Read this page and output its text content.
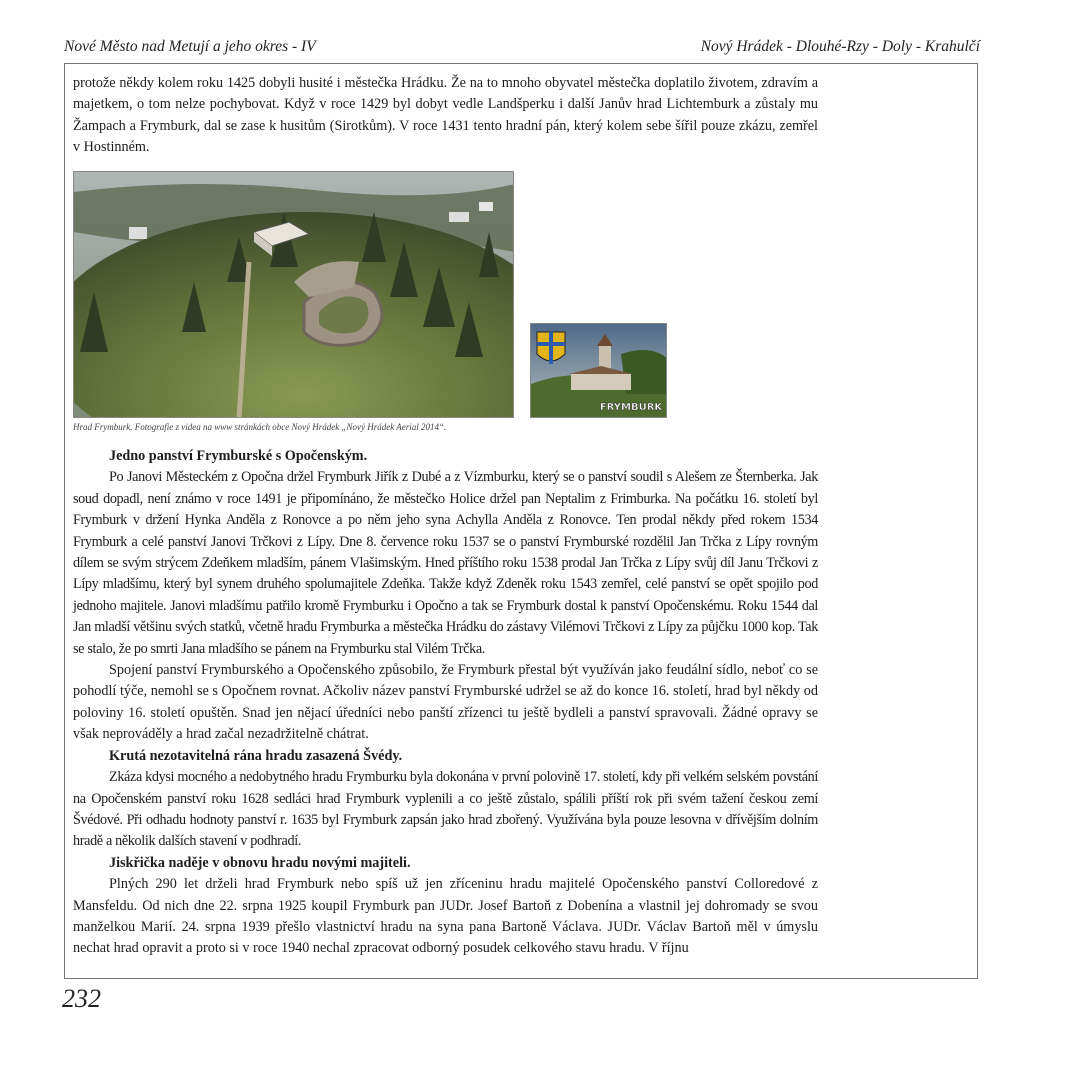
Nové Město nad Metují a jeho okres - IV	Nový Hrádek - Dlouhé-Rzy - Doly - Krahulčí

protože někdy kolem roku 1425 dobyli husité i městečka Hrádku. Že na to mnoho obyvatel městečka doplatilo životem, zdravím a majetkem, o tom nelze pochybovat. Když v roce 1429 byl dobyt vedle Landšperku i další Janův hrad Lichtemburk a zůstaly mu Žampach a Frymburk, dal se zase k husitům (Sirotkům). V roce 1431 tento hradní pán, který kolem sebe šířil pouze zkázu, zemřel v Hostinném.

FRYMBURK
Hrad Frymburk. Fotografie z videa na www stránkách obce Nový Hrádek „Nový Hrádek Aerial 2014“.
Jedno panství Frymburské s Opočenským.

Po Janovi Městeckém z Opočna držel Frymburk Jiřík z Dubé a z Vízmburku, který se o panství soudil s Alešem ze Šternberka. Jak soud dopadl, není známo v roce 1491 je připomínáno, že městečko Holice držel pan Neptalim z Frimburka. Na počátku 16. století byl Frymburk v držení Hynka Anděla z Ronovce a po něm jeho syna Achylla Anděla z Ronovce. Ten prodal někdy před rokem 1534 Frymburk a celé panství Janovi Trčkovi z Lípy. Dne 8. července roku 1537 se o panství Frymburské rozdělil Jan Trčka z Lípy rovným dílem se svým strýcem Zdeňkem mladším, pánem Vlašimským. Hned příštího roku 1538 prodal Jan Trčka z Lípy svůj díl Janu Trčkovi z Lípy mladšímu, který byl synem druhého spolumajitele Zdeňka. Takže když Zdeněk roku 1543 zemřel, celé panství se opět spojilo pod jednoho majitele. Janovi mladšímu patřilo kromě Frymburku i Opočno a tak se Frymburk dostal k panství Opočenskému. Roku 1544 dal Jan mladší většinu svých statků, včetně hradu Frymburka a městečka Hrádku do zástavy Vilémovi Trčkovi z Lípy za půjčku 1000 kop. Tak se stalo, že po smrti Jana mladšího se pánem na Frymburku stal Vilém Trčka.

Spojení panství Frymburského a Opočenského způsobilo, že Frymburk přestal být využíván jako feudální sídlo, neboť co se pohodlí týče, nemohl se s Opočnem rovnat. Ačkoliv název panství Frymburské udržel se až do konce 16. století, hrad byl někdy od poloviny 16. století opuštěn. Snad jen nějací úředníci nebo panští zřízenci tu ještě bydleli a panství spravovali. Žádné opravy se však neprováděly a hrad začal nezadržitelně chátrat.

Krutá nezotavitelná rána hradu zasazená Švédy.

Zkáza kdysi mocného a nedobytného hradu Frymburku byla dokonána v první polovině 17. století, kdy při velkém selském povstání na Opočenském panství roku 1628 sedláci hrad Frymburk vyplenili a co ještě zůstalo, spálili příští rok při svém tažení českou zemí Švédové. Při odhadu hodnoty panství r. 1635 byl Frymburk zapsán jako hrad zbořený. Využívána byla pouze lesovna v dřívějším dolním hradě a několik dalších stavení v podhradí.

Jiskřička naděje v obnovu hradu novými majiteli.

Plných 290 let drželi hrad Frymburk nebo spíš už jen zříceninu hradu majitelé Opočenského panství Colloredové z Mansfeldu. Od nich dne 22. srpna 1925 koupil Frymburk pan JUDr. Josef Bartoň z Dobenína a vlastnil jej dohromady se svou manželkou Marií. 24. srpna 1939 přešlo vlastnictví hradu na syna pana Bartoně Václava. JUDr. Václav Bartoň měl v úmyslu nechat hrad opravit a proto si v roce 1940 nechal zpracovat odborný posudek celkového stavu hradu. V říjnu

232
